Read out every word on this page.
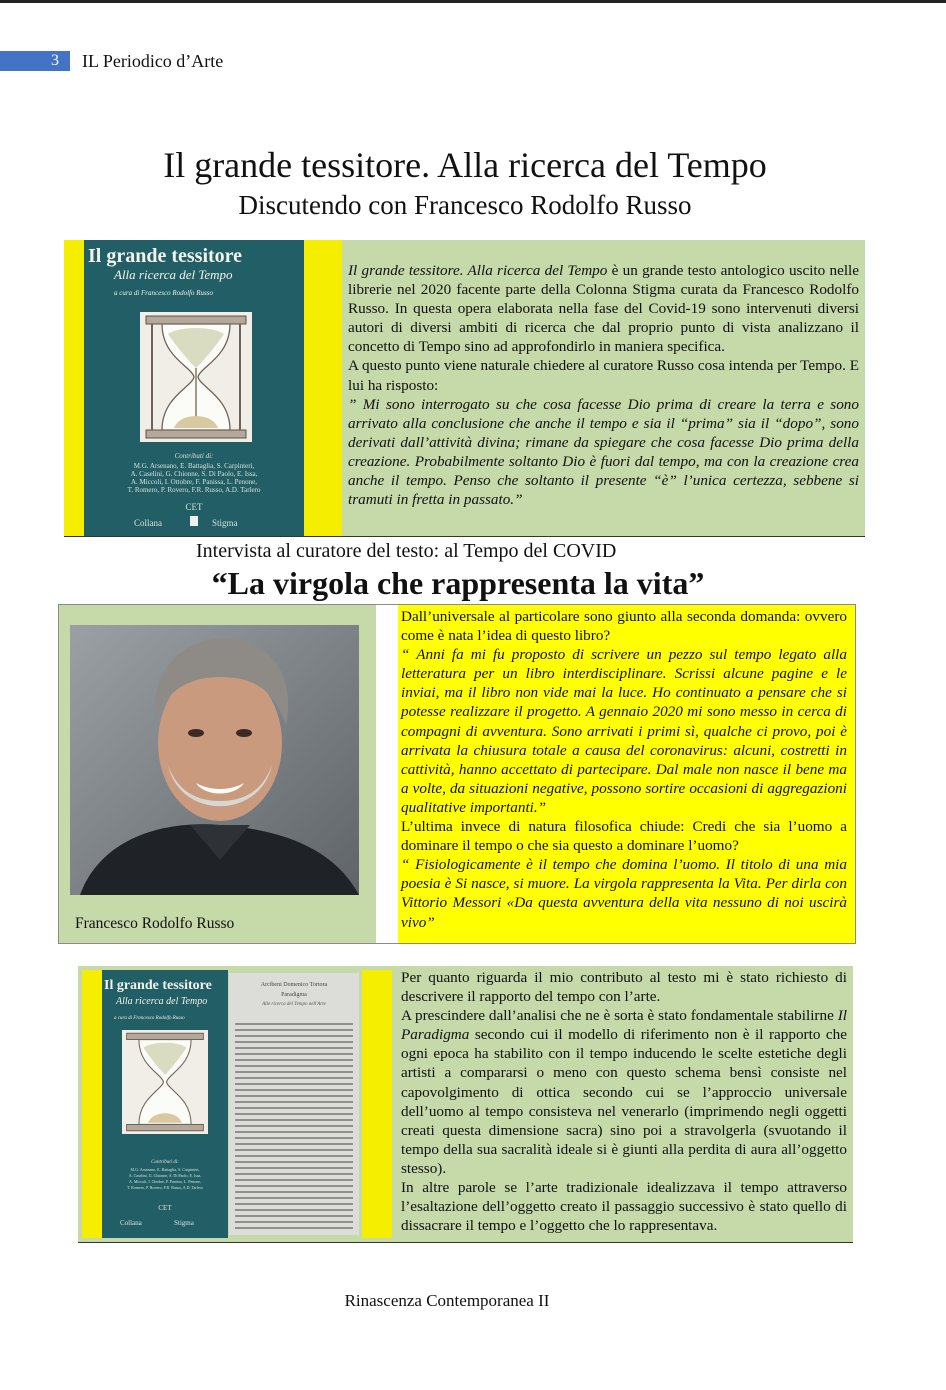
3	IL Periodico d’Arte
Il grande tessitore. Alla ricerca del Tempo
Discutendo con Francesco Rodolfo Russo
Il grande tessitore
Alla ricerca del Tempo
a cura di Francesco Rodolfo Russo
Contributi di:
M.G. Arsenano, E. Battaglia, S. Carpinteri,
A. Caselini, G. Chionne, S. Di Paolo, E. Issa,
A. Miccoli, I. Ottobre, F. Panissa, L. Penone,
T. Romero, P. Rovero, F.R. Russo, A.D. Tarlero
CET
Collana	Stigma

Il grande tessitore. Alla ricerca del Tempo è un grande testo antologico uscito nelle librerie nel 2020 facente parte della Colonna Stigma curata da Francesco Rodolfo Russo. In questa opera elaborata nella fase del Covid-19 sono intervenuti diversi autori di diversi ambiti di ricerca che dal proprio punto di vista analizzano il concetto di Tempo sino ad approfondirlo in maniera specifica.

A questo punto viene naturale chiedere al curatore Russo cosa intenda per Tempo. E lui ha risposto:

” Mi sono interrogato su che cosa facesse Dio prima di creare la terra e sono arrivato alla conclusione che anche il tempo e sia il “prima” sia il “dopo”, sono derivati dall’attività divina; rimane da spiegare che cosa facesse Dio prima della creazione. Probabilmente soltanto Dio è fuori dal tempo, ma con la creazione crea anche il tempo. Penso che soltanto il presente “è” l’unica certezza, sebbene si tramuti in fretta in passato.”

Intervista al curatore del testo: al Tempo del COVID
“La virgola che rappresenta la vita”
Francesco Rodolfo Russo

Dall’universale al particolare sono giunto alla seconda domanda: ovvero come è nata l’idea di questo libro?

“ Anni fa mi fu proposto di scrivere un pezzo sul tempo legato alla letteratura per un libro interdisciplinare. Scrissi alcune pagine e le inviai, ma il libro non vide mai la luce. Ho continuato a pensare che si potesse realizzare il progetto. A gennaio 2020 mi sono messo in cerca di compagni di avventura. Sono arrivati i primi sì, qualche ci provo, poi è arrivata la chiusura totale a causa del coronavirus: alcuni, costretti in cattività, hanno accettato di partecipare. Dal male non nasce il bene ma a volte, da situazioni negative, possono sortire occasioni di aggregazioni qualitative importanti.”

L’ultima invece di natura filosofica chiude: Credi che sia l’uomo a dominare il tempo o che sia questo a dominare l’uomo?

“ Fisiologicamente è il tempo che domina l’uomo. Il titolo di una mia poesia è Si nasce, si muore. La virgola rappresenta la Vita. Per dirla con Vittorio Messori «Da questa avventura della vita nessuno di noi uscirà vivo”

Il grande tessitore
Alla ricerca del Tempo
a cura di Francesco Rodolfo Russo
Contributi di:
M.G. Arsenano, E. Battaglia, S. Carpinteri,
A. Caselini, G. Chionne, S. Di Paolo, E. Issa,
A. Miccoli, I. Ottobre, F. Panissa, L. Penone,
T. Romero, P. Rovero, F.R. Russo, A.D. Tarlero
CET
Collana	Stigma
Arcibeni Domenico Tortora
Paradigma
Alle ricerca del Tempo nell'Arte

Per quanto riguarda il mio contributo al testo mi è stato richiesto di descrivere il rapporto del tempo con l’arte.

A prescindere dall’analisi che ne è sorta è stato fondamentale stabilirne Il Paradigma secondo cui il modello di riferimento non è il rapporto che ogni epoca ha stabilito con il tempo inducendo le scelte estetiche degli artisti a compararsi o meno con questo schema bensì consiste nel capovolgimento di ottica secondo cui se l’approccio universale dell’uomo al tempo consisteva nel venerarlo (imprimendo negli oggetti creati questa dimensione sacra) sino poi a stravolgerla (svuotando il tempo della sua sacralità ideale si è giunti alla perdita di aura all’oggetto stesso).

In altre parole se l’arte tradizionale idealizzava il tempo attraverso l’esaltazione dell’oggetto creato il passaggio successivo è stato quello di dissacrare il tempo e l’oggetto che lo rappresentava.

Rinascenza Contemporanea II
